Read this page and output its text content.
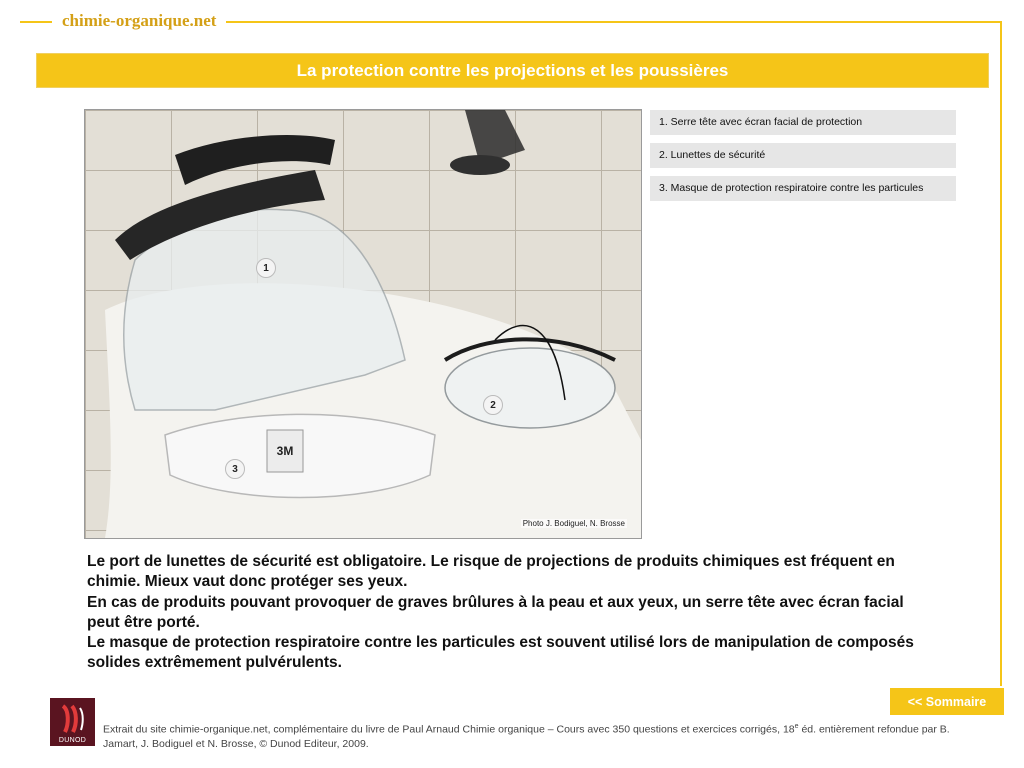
chimie-organique.net
La protection contre les projections et les poussières
3M
1
2
3
Photo J. Bodiguel, N. Brosse
1. Serre tête avec écran facial de protection
2. Lunettes de sécurité
3. Masque de protection respiratoire contre les particules

Le port de lunettes de sécurité est obligatoire. Le risque de projections de produits chimiques est fréquent en chimie. Mieux vaut donc protéger ses yeux.

En cas de produits pouvant provoquer de graves brûlures à la peau et aux yeux, un serre tête avec écran facial peut être porté.

Le masque de protection respiratoire contre les particules est souvent utilisé lors de manipulation de composés solides extrêmement pulvérulents.

<< Sommaire
DUNOD
Extrait du site chimie-organique.net, complémentaire du livre de Paul Arnaud Chimie organique – Cours avec 350 questions et exercices corrigés, 18e éd. entièrement refondue par B. Jamart, J. Bodiguel et N. Brosse, © Dunod Editeur, 2009.
